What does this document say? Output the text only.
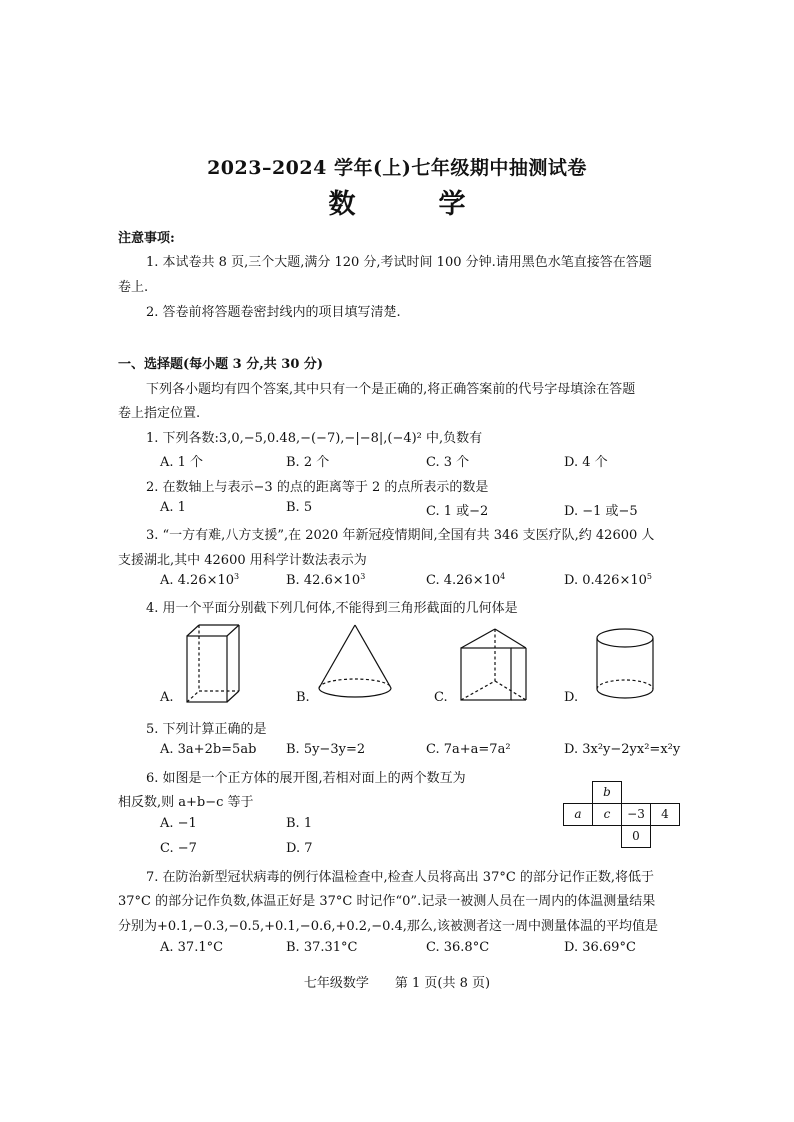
2023–2024 学年(上)七年级期中抽测试卷
数　学
注意事项:
1. 本试卷共 8 页,三个大题,满分 120 分,考试时间 100 分钟.请用黑色水笔直接答在答题
卷上.
2. 答卷前将答题卷密封线内的项目填写清楚.
一、选择题(每小题 3 分,共 30 分)
下列各小题均有四个答案,其中只有一个是正确的,将正确答案前的代号字母填涂在答题
卷上指定位置.
1. 下列各数:3,0,−5,0.48,−(−7),−|−8|,(−4)² 中,负数有
A. 1 个	B. 2 个	C. 3 个	D. 4 个
2. 在数轴上与表示−3 的点的距离等于 2 的点所表示的数是
A. 1	B. 5	C. 1 或−2	D. −1 或−5
3. “一方有难,八方支援”,在 2020 年新冠疫情期间,全国有共 346 支医疗队,约 42600 人
支援湖北,其中 42600 用科学计数法表示为
A. $4.26\times 10^3$	B. $42.6\times 10^3$	C. $4.26\times 10^4$	D. $0.426\times 10^5$
4. 用一个平面分别截下列几何体,不能得到三角形截面的几何体是
A.	B.	C.	D.
5. 下列计算正确的是
A. 3a+2b=5ab B. 5y−3y=2	C. 7a+a=7a²	D. 3x²y−2yx²=x²y
6. 如图是一个正方体的展开图,若相对面上的两个数互为
相反数,则 a+b−c 等于
A. −1	B. 1
C. −7	D. 7
b
a	c	−3	4
0
7. 在防治新型冠状病毒的例行体温检查中,检查人员将高出 37°C 的部分记作正数,将低于
37°C 的部分记作负数,体温正好是 37°C 时记作“0”.记录一被测人员在一周内的体温测量结果
分别为+0.1,−0.3,−0.5,+0.1,−0.6,+0.2,−0.4,那么,该被测者这一周中测量体温的平均值是
A. 37.1°C	B. 37.31°C	C. 36.8°C	D. 36.69°C
七年级数学　　第 1 页(共 8 页)
